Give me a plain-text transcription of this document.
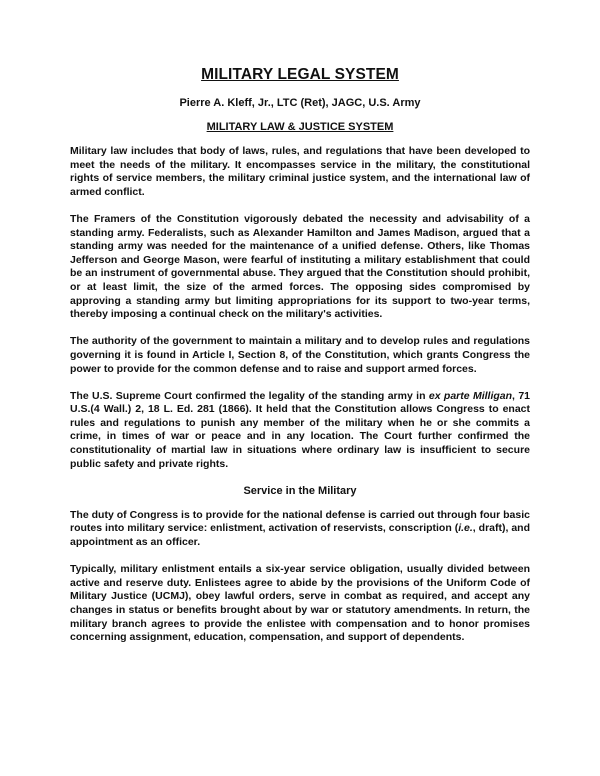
MILITARY LEGAL SYSTEM
Pierre A. Kleff, Jr., LTC (Ret), JAGC, U.S. Army
MILITARY LAW & JUSTICE SYSTEM

Military law includes that body of laws, rules, and regulations that have been developed to meet the needs of the military. It encompasses service in the military, the constitutional rights of service members, the military criminal justice system, and the international law of armed conflict.

The Framers of the Constitution vigorously debated the necessity and advisability of a standing army. Federalists, such as Alexander Hamilton and James Madison, argued that a standing army was needed for the maintenance of a unified defense. Others, like Thomas Jefferson and George Mason, were fearful of instituting a military establishment that could be an instrument of governmental abuse. They argued that the Constitution should prohibit, or at least limit, the size of the armed forces. The opposing sides compromised by approving a standing army but limiting appropriations for its support to two-year terms, thereby imposing a continual check on the military's activities.

The authority of the government to maintain a military and to develop rules and regulations governing it is found in Article I, Section 8, of the Constitution, which grants Congress the power to provide for the common defense and to raise and support armed forces.

The U.S. Supreme Court confirmed the legality of the standing army in ex parte Milligan, 71 U.S.(4 Wall.) 2, 18 L. Ed. 281 (1866). It held that the Constitution allows Congress to enact rules and regulations to punish any member of the military when he or she commits a crime, in times of war or peace and in any location. The Court further confirmed the constitutionality of martial law in situations where ordinary law is insufficient to secure public safety and private rights.

Service in the Military

The duty of Congress is to provide for the national defense is carried out through four basic routes into military service: enlistment, activation of reservists, conscription (i.e., draft), and appointment as an officer.

Typically, military enlistment entails a six-year service obligation, usually divided between active and reserve duty. Enlistees agree to abide by the provisions of the Uniform Code of Military Justice (UCMJ), obey lawful orders, serve in combat as required, and accept any changes in status or benefits brought about by war or statutory amendments. In return, the military branch agrees to provide the enlistee with compensation and to honor promises concerning assignment, education, compensation, and support of dependents.
